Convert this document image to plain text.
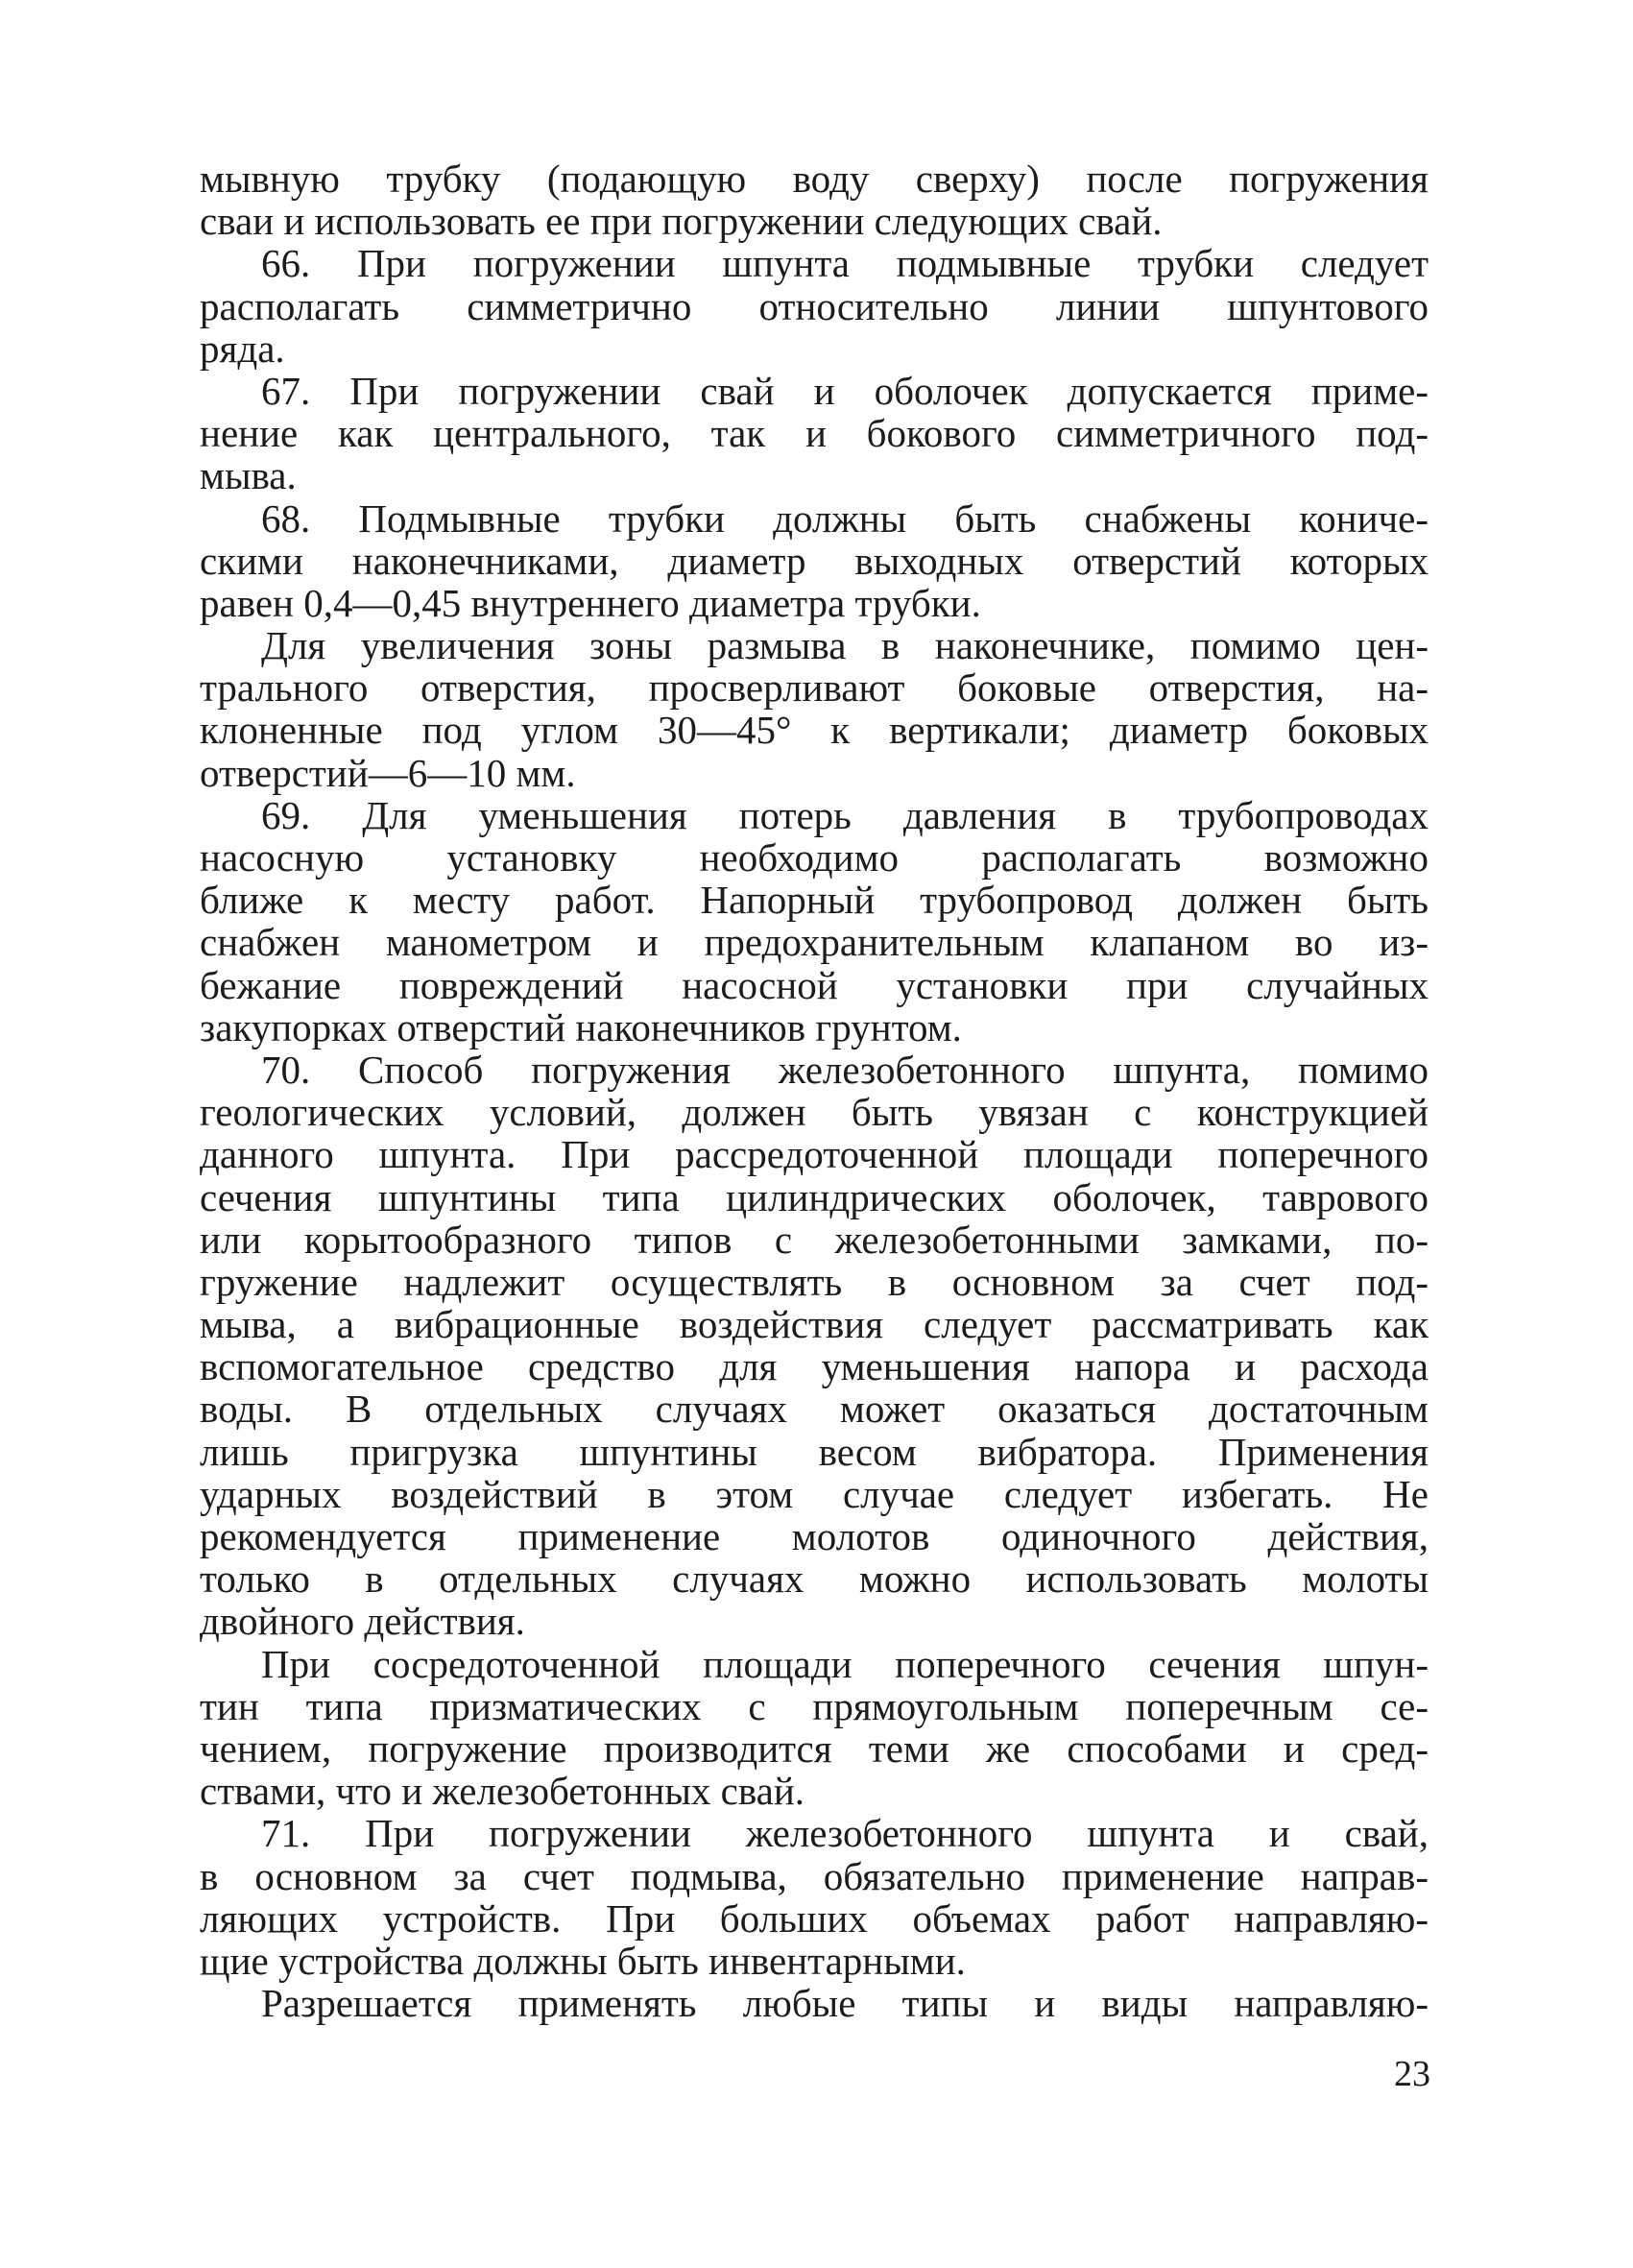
мывную трубку (подающую воду сверху) после погружения
сваи и использовать ее при погружении следующих свай.
66. При погружении шпунта подмывные трубки следует
располагать симметрично относительно линии шпунтового
ряда.
67. При погружении свай и оболочек допускается приме-
нение как центрального, так и бокового симметричного под-
мыва.
68. Подмывные трубки должны быть снабжены коничe-
скими наконечниками, диаметр выходных отверстий которых
равен 0,4—0,45 внутреннего диаметра трубки.
Для увеличения зоны размыва в наконечнике, помимо цен-
трального отверстия, просверливают боковые отверстия, на-
клоненные под углом 30—45° к вертикали; диаметр боковых
отверстий—6—10 мм.
69. Для уменьшения потерь давления в трубопроводах
насосную установку необходимо располагать возможно
ближе к месту работ. Напорный трубопровод должен быть
снабжен манометром и предохранительным клапаном во из-
бежание повреждений насосной установки при случайных
закупорках отверстий наконечников грунтом.
70. Способ погружения железобетонного шпунта, помимо
геологических условий, должен быть увязан с конструкцией
данного шпунта. При рассредоточенной площади поперечного
сечения шпунтины типа цилиндрических оболочек, таврового
или корытообразного типов с железобетонными замками, по-
гружение надлежит осуществлять в основном за счет под-
мыва, а вибрационные воздействия следует рассматривать как
вспомогательное средство для уменьшения напора и расхода
воды. В отдельных случаях может оказаться достаточным
лишь пригрузка шпунтины весом вибратора. Применения
ударных воздействий в этом случае следует избегать. Не
рекомендуется применение молотов одиночного действия,
только в отдельных случаях можно использовать молоты
двойного действия.
При сосредоточенной площади поперечного сечения шпун-
тин типа призматических с прямоугольным поперечным се-
чением, погружение производится теми же способами и сред-
ствами, что и железобетонных свай.
71. При погружении железобетонного шпунта и свай,
в основном за счет подмыва, обязательно применение направ-
ляющих устройств. При больших объемах работ направляю-
щие устройства должны быть инвентарными.
Разрешается применять любые типы и виды направляю-
23
